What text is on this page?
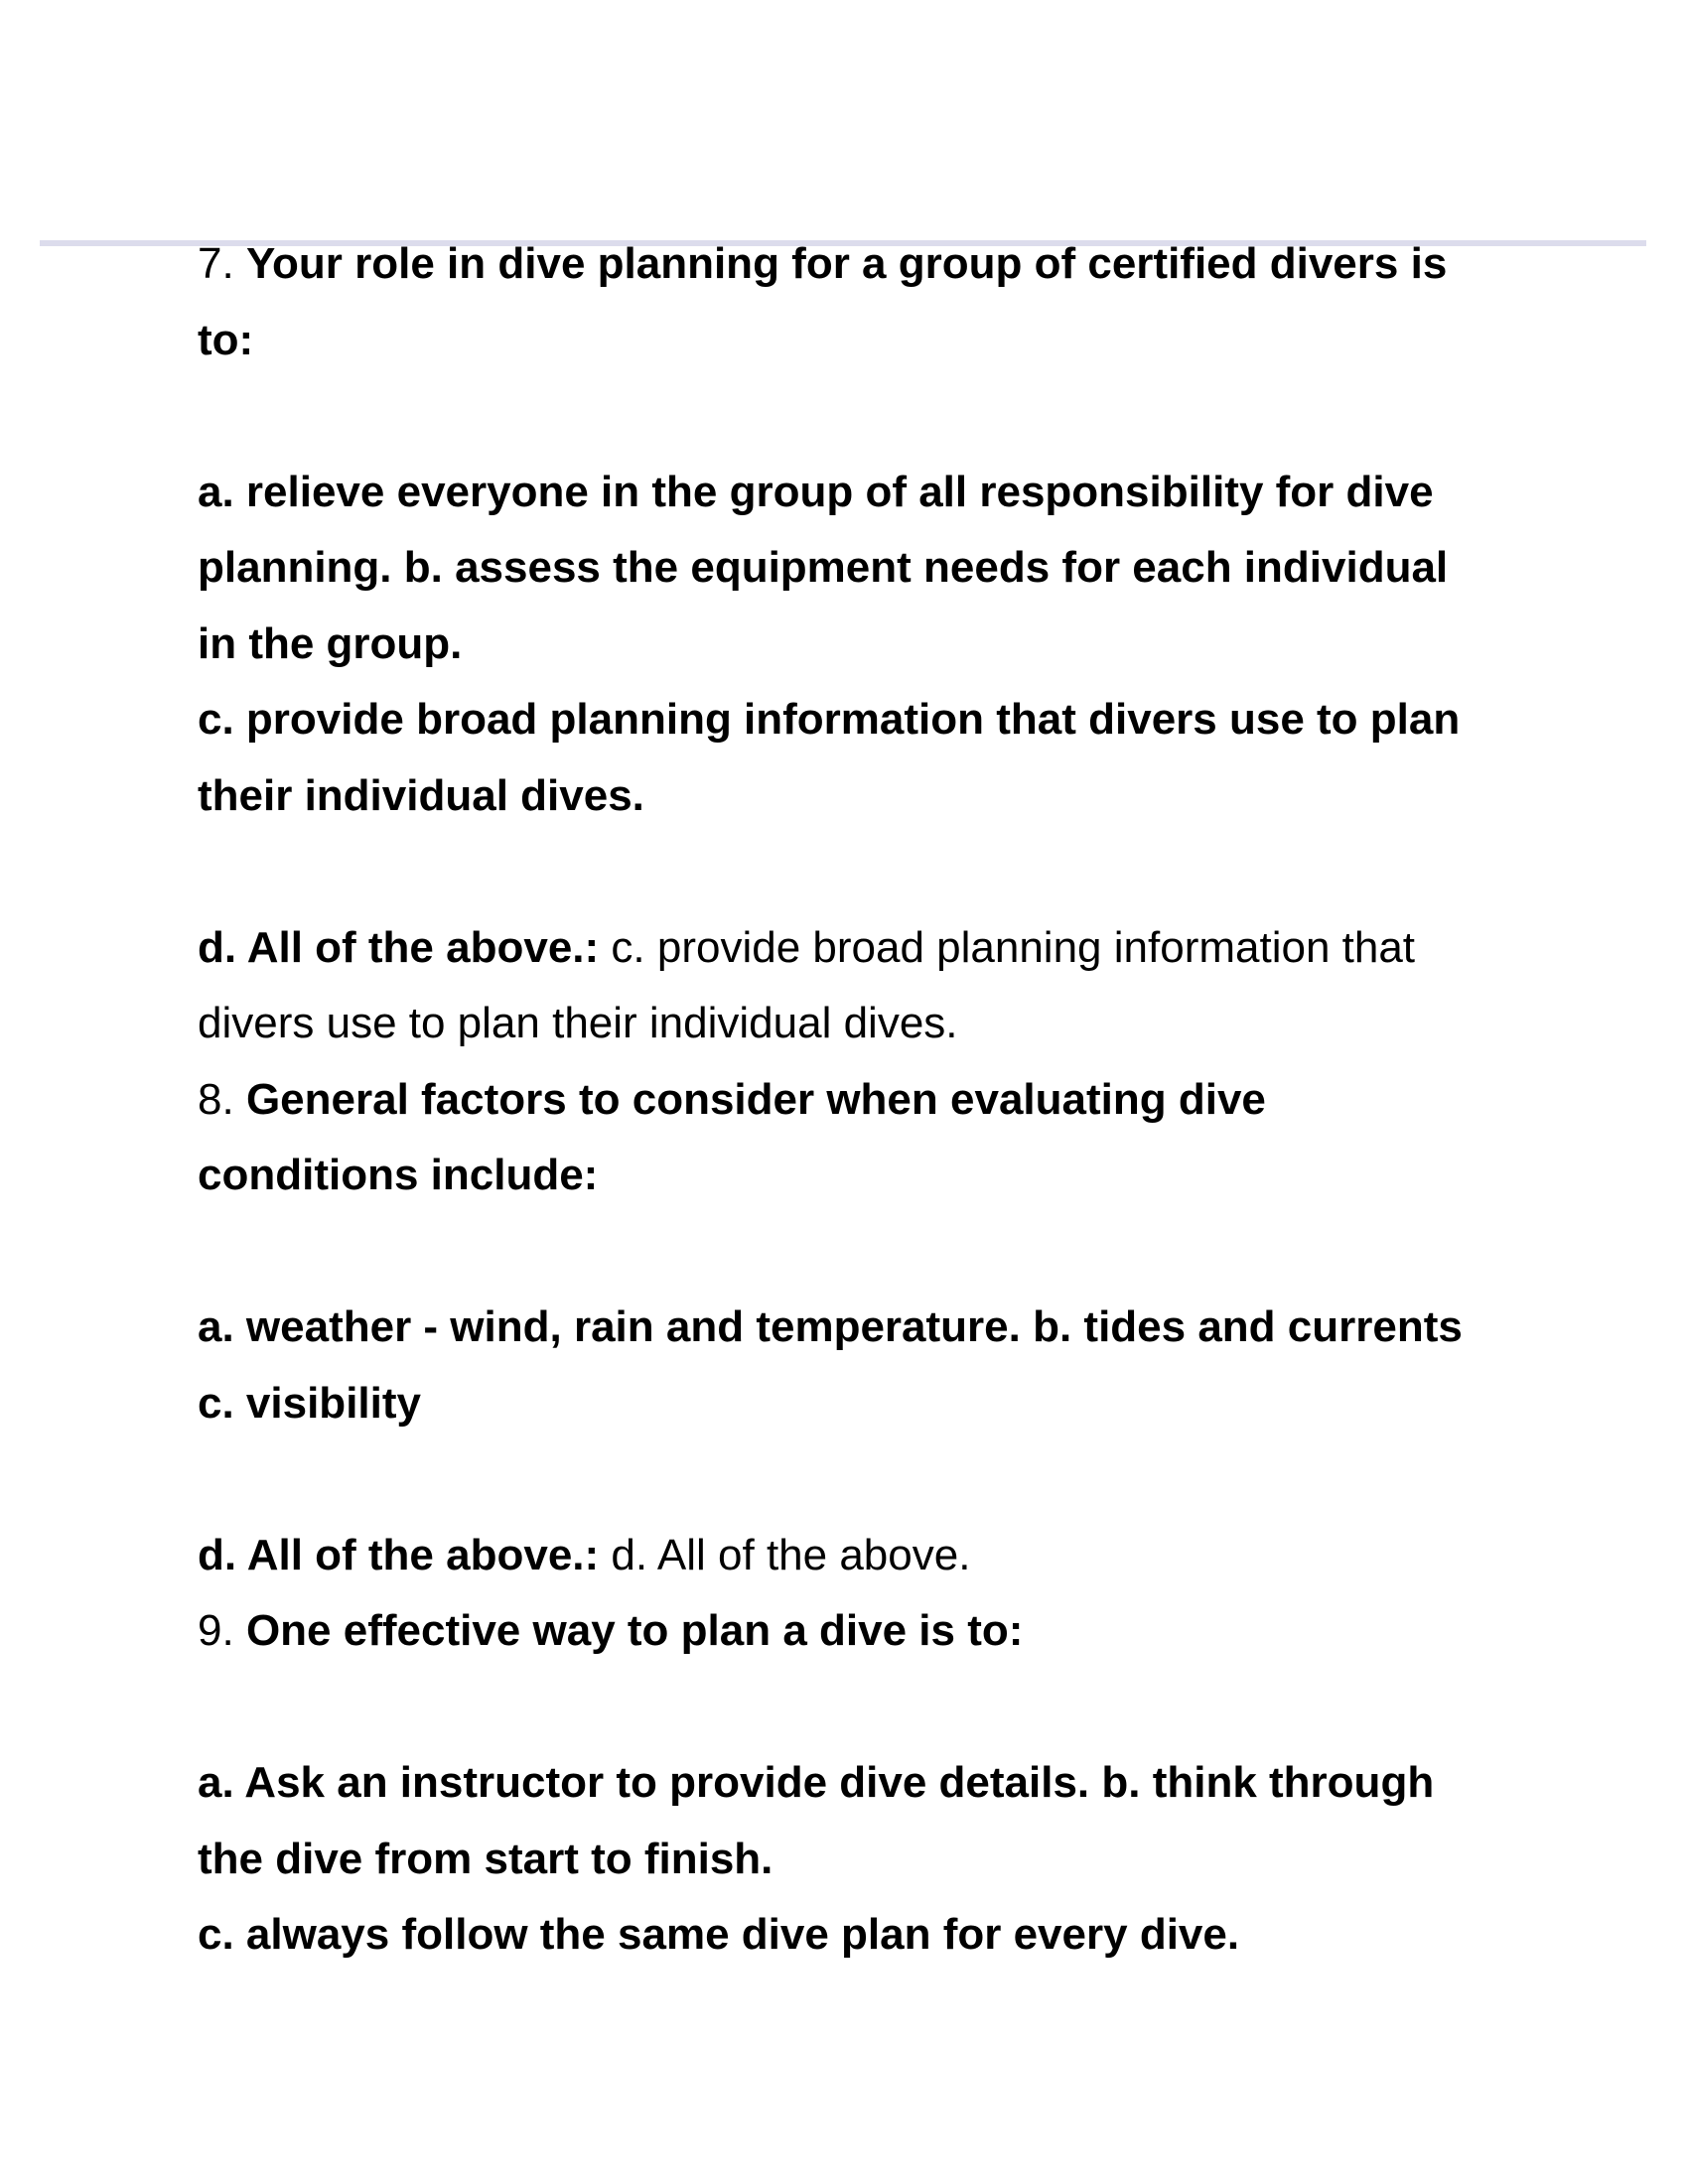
7. Your role in dive planning for a group of certified divers is
to:
a. relieve everyone in the group of all responsibility for dive
planning. b. assess the equipment needs for each individual
in the group.
c. provide broad planning information that divers use to plan
their individual dives.
d. All of the above.: c. provide broad planning information that
divers use to plan their individual dives.
8. General factors to consider when evaluating dive
conditions include:
a. weather - wind, rain and temperature. b. tides and currents
c. visibility
d. All of the above.: d. All of the above.
9. One effective way to plan a dive is to:
a. Ask an instructor to provide dive details. b. think through
the dive from start to finish.
c. always follow the same dive plan for every dive.
